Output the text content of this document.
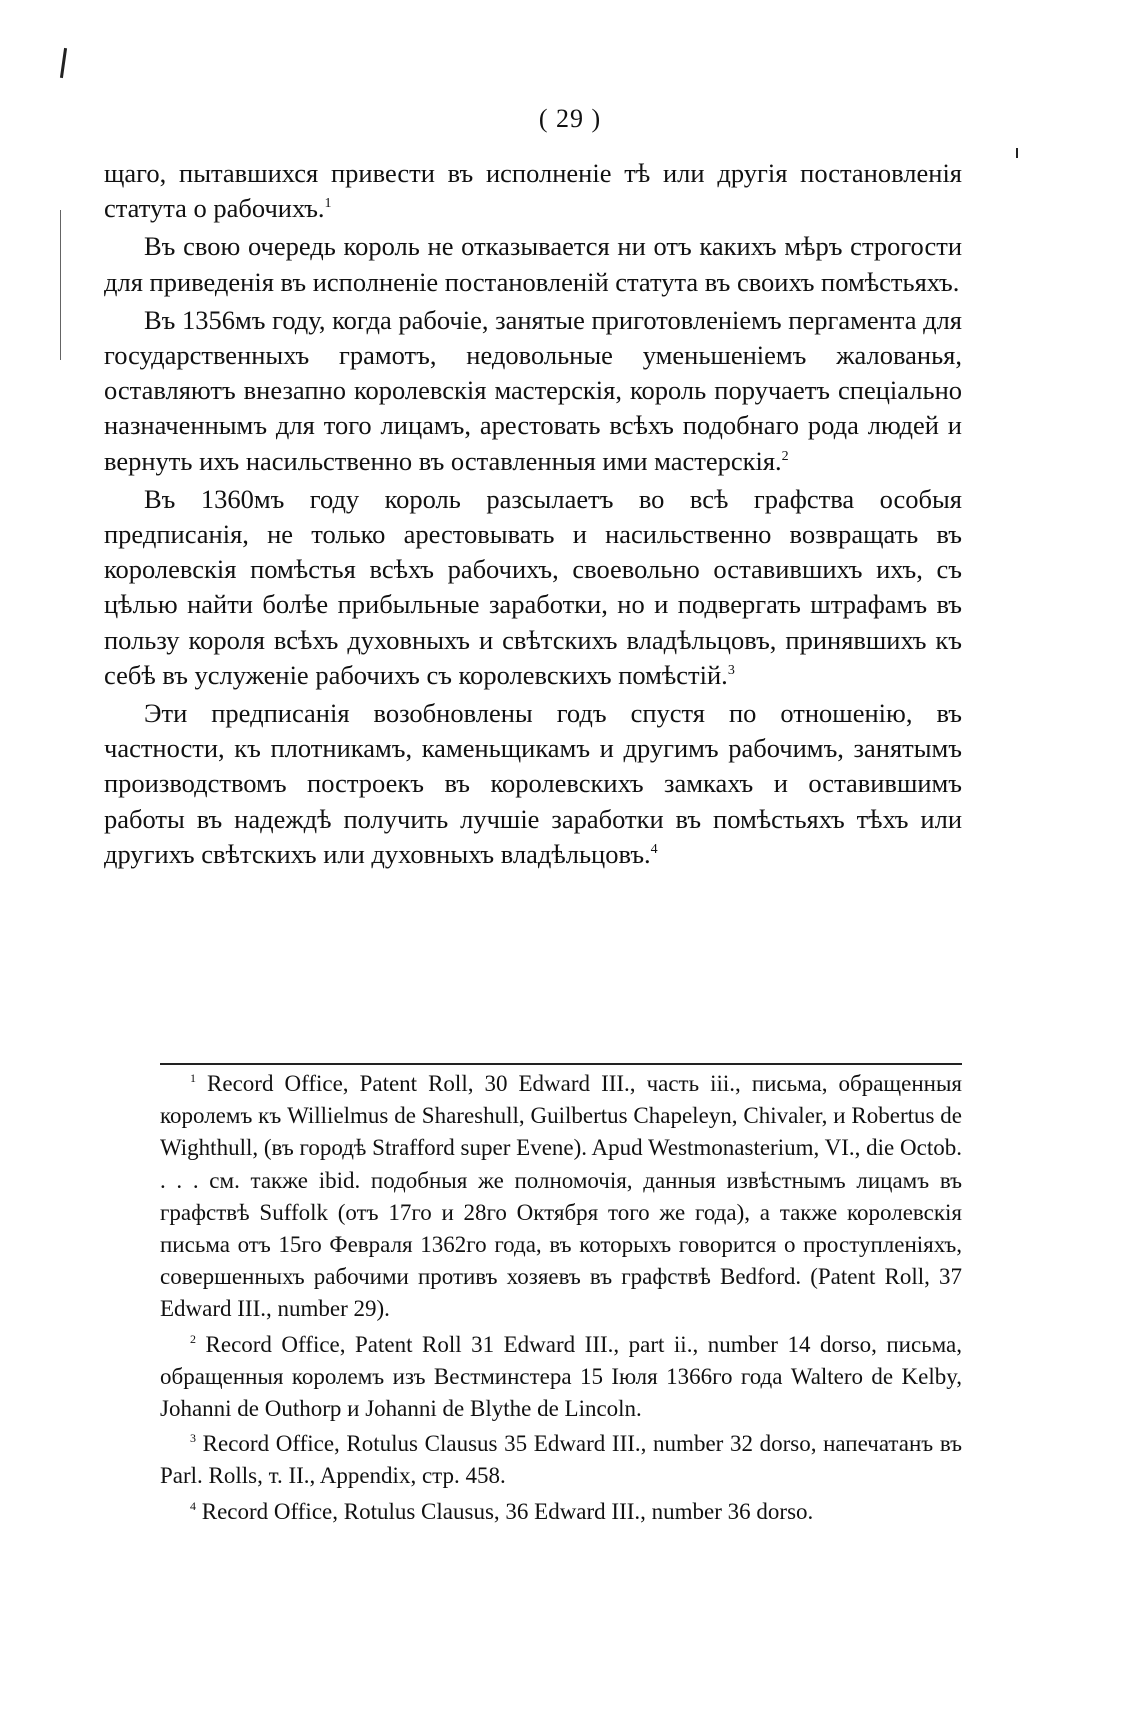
( 29 )

щаго, пытавшихся привести въ исполненіе тѣ или другія постановленія статута о рабочихъ.$^1$

Въ свою очередь король не отказывается ни отъ какихъ мѣръ строгости для приведенія въ исполненіе постановленій статута въ своихъ помѣстьяхъ.

Въ 1356мъ году, когда рабочіе, занятые приготовленіемъ пергамента для государственныхъ грамотъ, недовольные уменьшеніемъ жалованья, оставляютъ внезапно королевскія мастерскія, король поручаетъ спеціально назначеннымъ для того лицамъ, арестовать всѣхъ подобнаго рода людей и вернуть ихъ насильственно въ оставленныя ими мастерскія.$^2$

Въ 1360мъ году король разсылаетъ во всѣ графства особыя предписанія, не только арестовывать и насильственно возвращать въ королевскія помѣстья всѣхъ рабочихъ, своевольно оставившихъ ихъ, съ цѣлью найти болѣе прибыльные заработки, но и подвергать штрафамъ въ пользу короля всѣхъ духовныхъ и свѣтскихъ владѣльцовъ, принявшихъ къ себѣ въ услуженіе рабочихъ съ королевскихъ помѣстій.$^3$

Эти предписанія возобновлены годъ спустя по отношенію, въ частности, къ плотникамъ, каменьщикамъ и другимъ рабочимъ, занятымъ производствомъ построекъ въ королевскихъ замкахъ и оставившимъ работы въ надеждѣ получить лучшіе заработки въ помѣстьяхъ тѣхъ или другихъ свѣтскихъ или духовныхъ владѣльцовъ.$^4$

$^1$ Record Office, Patent Roll, 30 Edward III., часть iii., письма, обращенныя королемъ къ Willielmus de Shareshull, Guilbertus Chapeleyn, Chivaler, и Robertus de Wighthull, (въ городѣ Strafford super Evene). Apud Westmonasterium, VI., die Octob. . . . см. также ibid. подобныя же полномочія, данныя извѣстнымъ лицамъ въ графствѣ Suffolk (отъ 17го и 28го Октября того же года), а также королевскія письма отъ 15го Февраля 1362го года, въ которыхъ говорится о проступленіяхъ, совершенныхъ рабочими противъ хозяевъ въ графствѣ Bedford. (Patent Roll, 37 Edward III., number 29).

$^2$ Record Office, Patent Roll 31 Edward III., part ii., number 14 dorso, письма, обращенныя королемъ изъ Вестминстера 15 Іюля 1366го года Waltero de Kelby, Johanni de Outhorp и Johanni de Blythe de Lincoln.

$^3$ Record Office, Rotulus Clausus 35 Edward III., number 32 dorso, напечатанъ въ Parl. Rolls, т. II., Appendix, стр. 458.

$^4$ Record Office, Rotulus Clausus, 36 Edward III., number 36 dorso.
